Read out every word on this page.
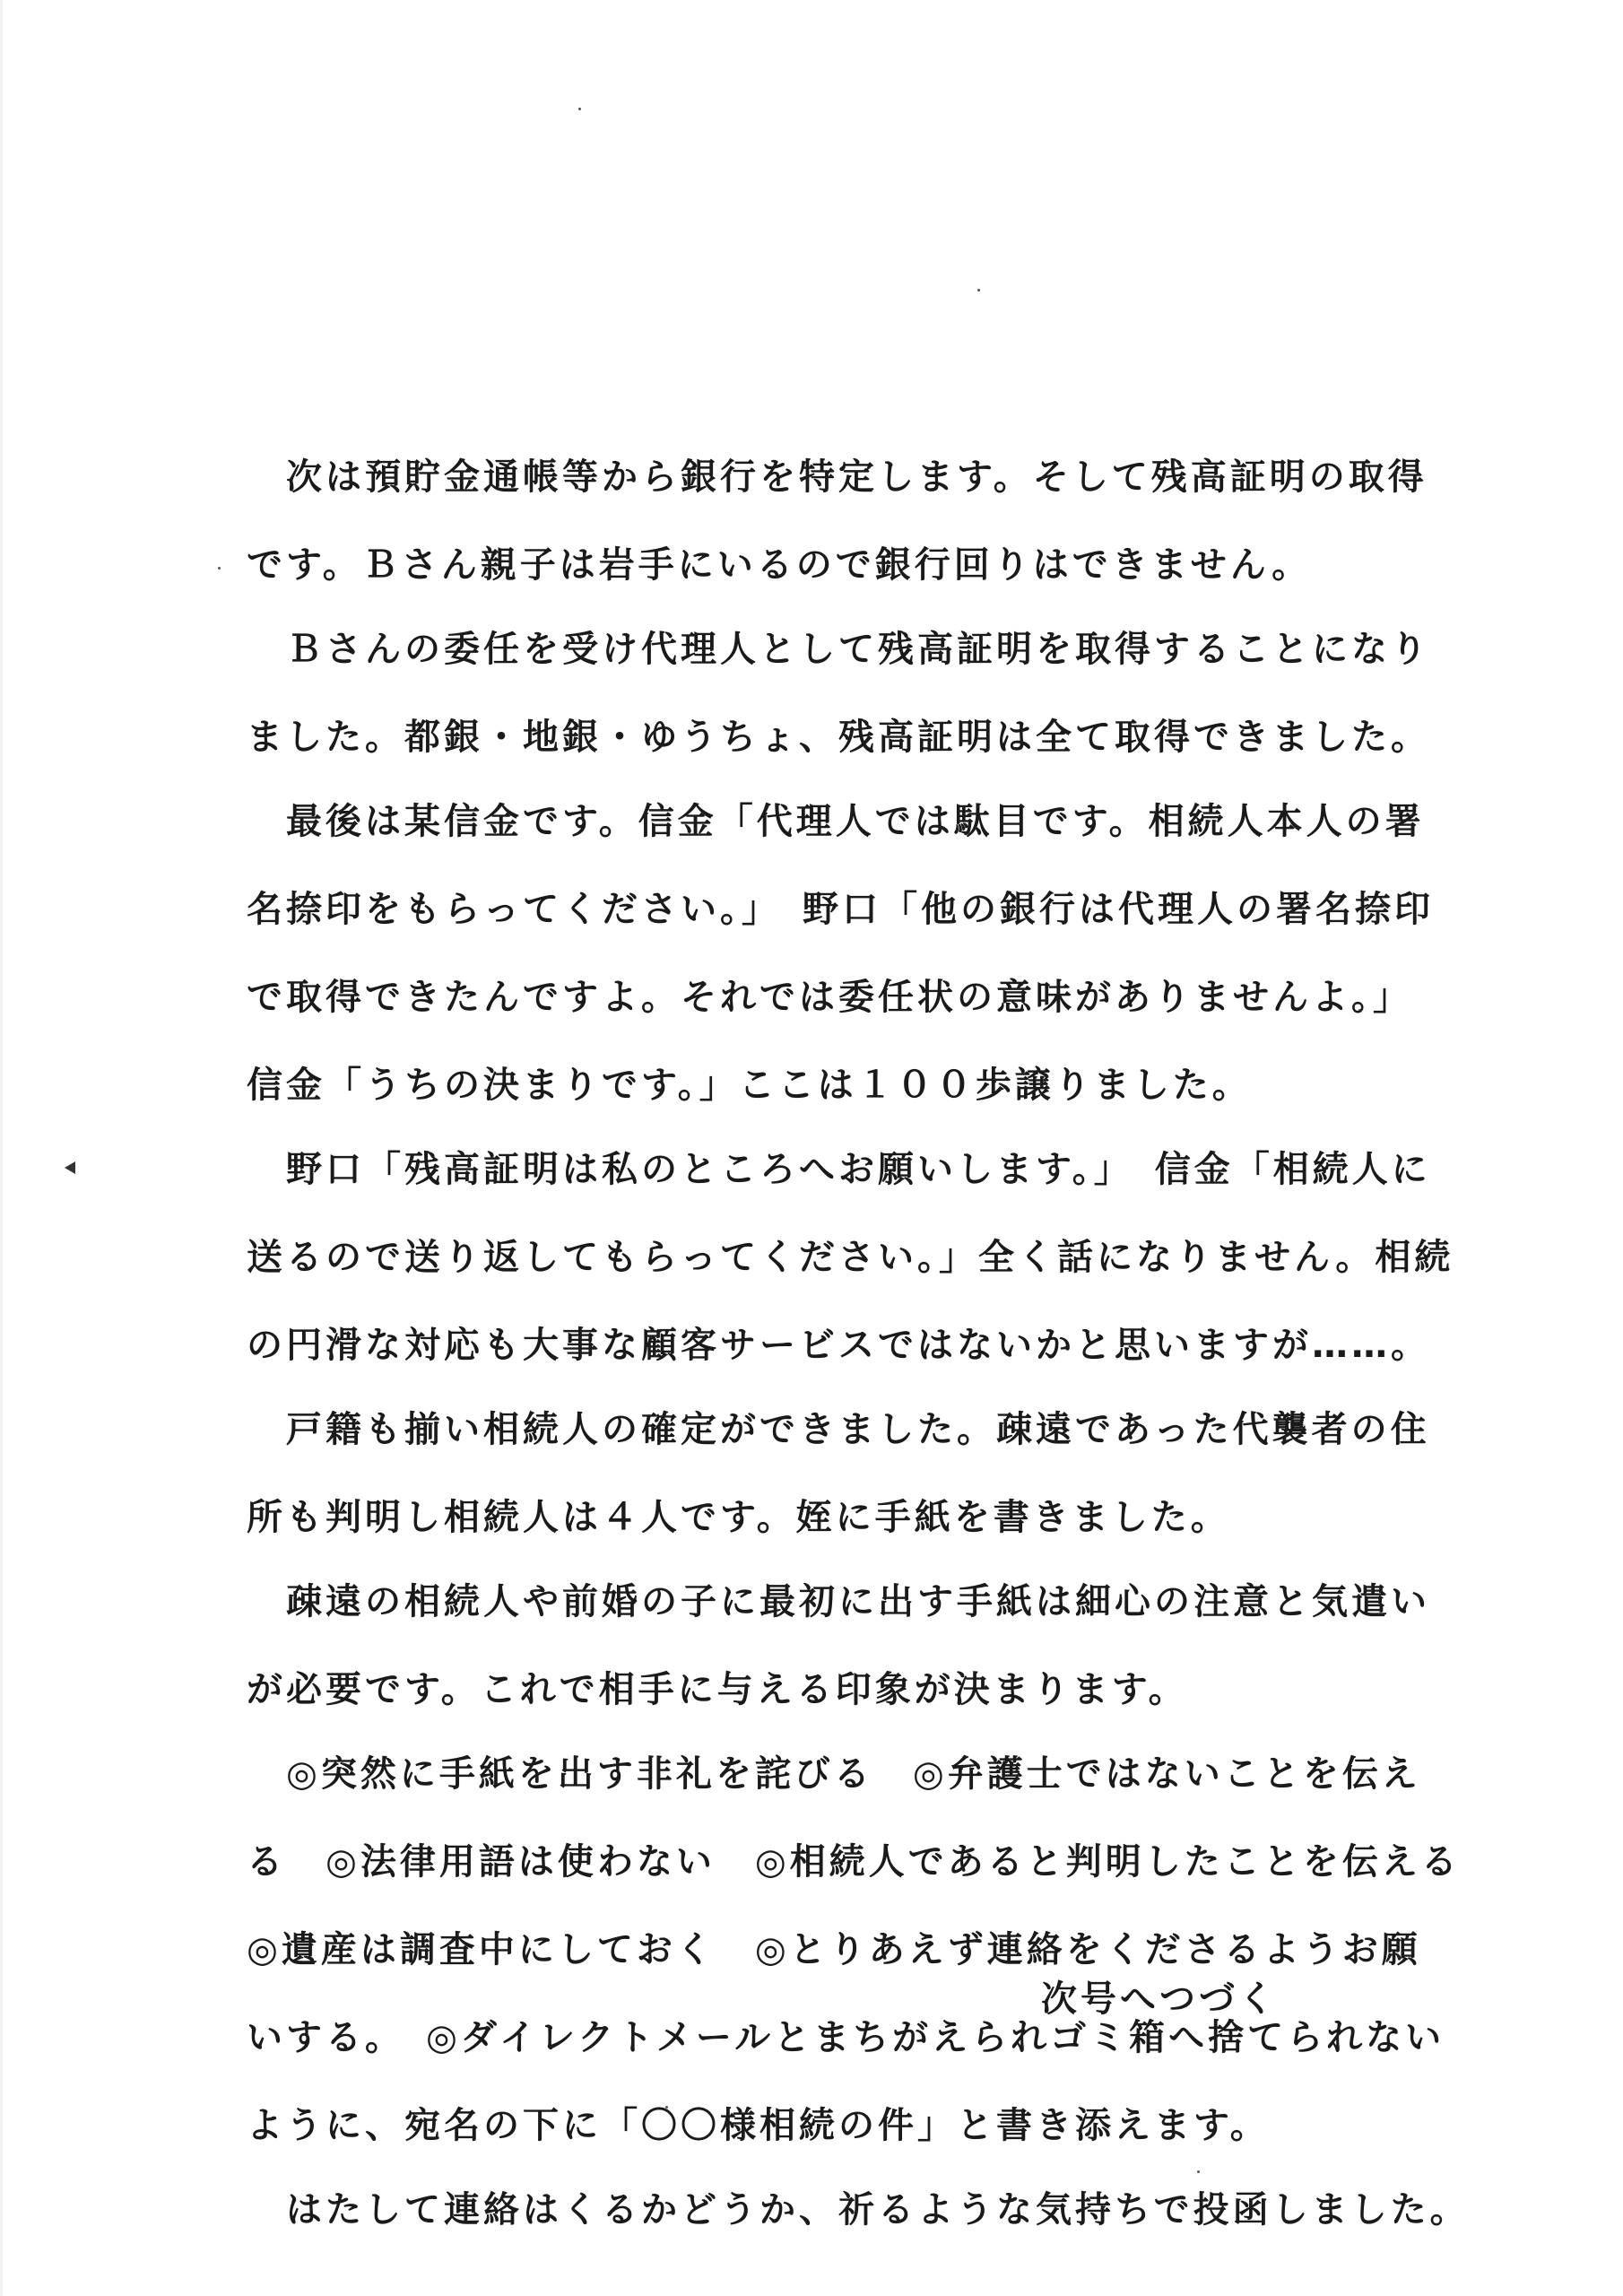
　次は預貯金通帳等から銀行を特定します。そして残高証明の取得
です。Ｂさん親子は岩手にいるので銀行回りはできません。
　Ｂさんの委任を受け代理人として残高証明を取得することになり
ました。都銀・地銀・ゆうちょ、残高証明は全て取得できました。
　最後は某信金です。信金「代理人では駄目です。相続人本人の署
名捺印をもらってください。」　野口「他の銀行は代理人の署名捺印
で取得できたんですよ。それでは委任状の意味がありませんよ。」
信金「うちの決まりです。」ここは１００歩譲りました。
　野口「残高証明は私のところへお願いします。」　信金「相続人に
送るので送り返してもらってください。」全く話になりません。相続
の円滑な対応も大事な顧客サービスではないかと思いますが……。
　戸籍も揃い相続人の確定ができました。疎遠であった代襲者の住
所も判明し相続人は４人です。姪に手紙を書きました。
　疎遠の相続人や前婚の子に最初に出す手紙は細心の注意と気遣い
が必要です。これで相手に与える印象が決まります。
　◎突然に手紙を出す非礼を詫びる　◎弁護士ではないことを伝え
る　◎法律用語は使わない　◎相続人であると判明したことを伝える
◎遺産は調査中にしておく　◎とりあえず連絡をくださるようお願
いする。　◎ダイレクトメールとまちがえられゴミ箱へ捨てられない
ように、宛名の下に「〇〇様相続の件」と書き添えます。
　はたして連絡はくるかどうか、祈るような気持ちで投函しました。
次号へつづく
